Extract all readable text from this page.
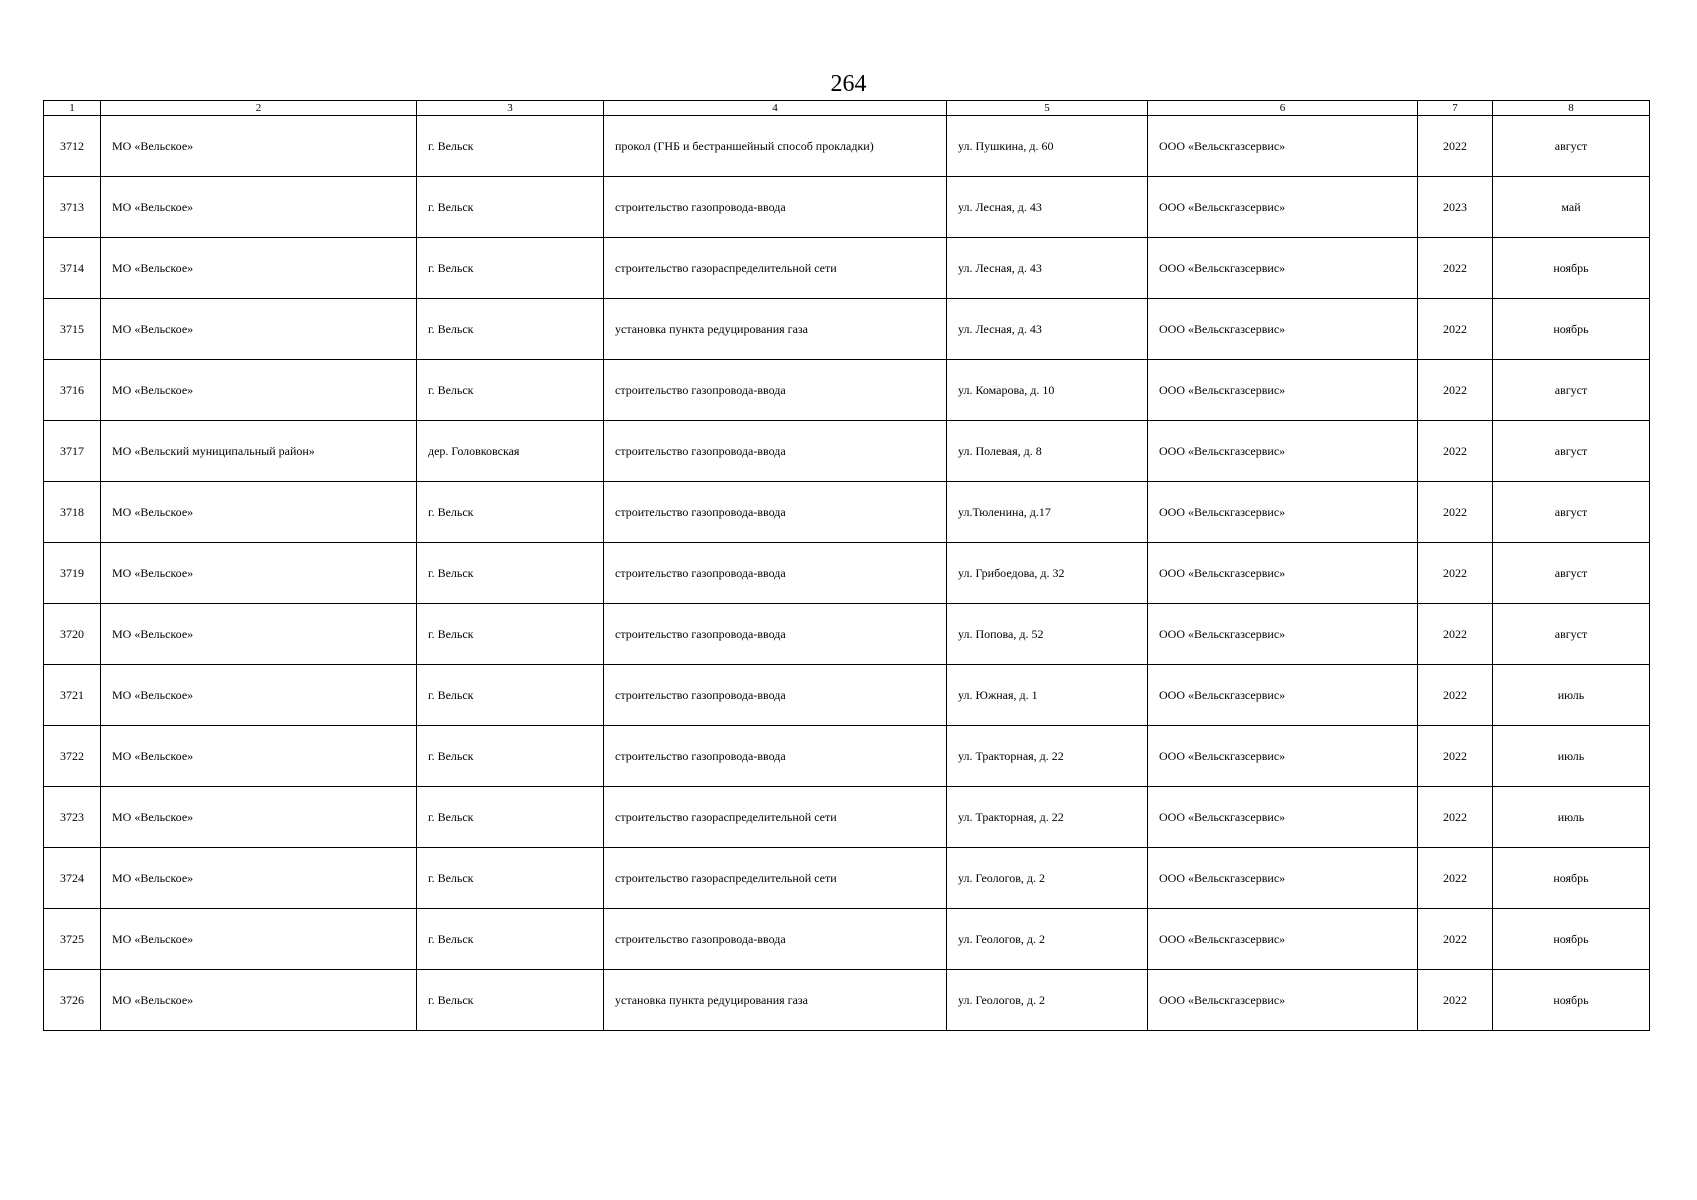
264
1	2	3	4	5	6	7	8
3712	МО «Вельское»	г. Вельск	прокол (ГНБ и бестраншейный способ прокладки)	ул. Пушкина, д. 60	ООО «Вельскгазсервис»	2022	август
3713	МО «Вельское»	г. Вельск	строительство газопровода-ввода	ул. Лесная, д. 43	ООО «Вельскгазсервис»	2023	май
3714	МО «Вельское»	г. Вельск	строительство газораспределительной сети	ул. Лесная, д. 43	ООО «Вельскгазсервис»	2022	ноябрь
3715	МО «Вельское»	г. Вельск	установка пункта редуцирования газа	ул. Лесная, д. 43	ООО «Вельскгазсервис»	2022	ноябрь
3716	МО «Вельское»	г. Вельск	строительство газопровода-ввода	ул. Комарова, д. 10	ООО «Вельскгазсервис»	2022	август
3717	МО «Вельский муниципальный район»	дер. Головковская	строительство газопровода-ввода	ул. Полевая, д. 8	ООО «Вельскгазсервис»	2022	август
3718	МО «Вельское»	г. Вельск	строительство газопровода-ввода	ул.Тюленина, д.17	ООО «Вельскгазсервис»	2022	август
3719	МО «Вельское»	г. Вельск	строительство газопровода-ввода	ул. Грибоедова, д. 32	ООО «Вельскгазсервис»	2022	август
3720	МО «Вельское»	г. Вельск	строительство газопровода-ввода	ул. Попова, д. 52	ООО «Вельскгазсервис»	2022	август
3721	МО «Вельское»	г. Вельск	строительство газопровода-ввода	ул. Южная, д. 1	ООО «Вельскгазсервис»	2022	июль
3722	МО «Вельское»	г. Вельск	строительство газопровода-ввода	ул. Тракторная, д. 22	ООО «Вельскгазсервис»	2022	июль
3723	МО «Вельское»	г. Вельск	строительство газораспределительной сети	ул. Тракторная, д. 22	ООО «Вельскгазсервис»	2022	июль
3724	МО «Вельское»	г. Вельск	строительство газораспределительной сети	ул. Геологов, д. 2	ООО «Вельскгазсервис»	2022	ноябрь
3725	МО «Вельское»	г. Вельск	строительство газопровода-ввода	ул. Геологов, д. 2	ООО «Вельскгазсервис»	2022	ноябрь
3726	МО «Вельское»	г. Вельск	установка пункта редуцирования газа	ул. Геологов, д. 2	ООО «Вельскгазсервис»	2022	ноябрь
